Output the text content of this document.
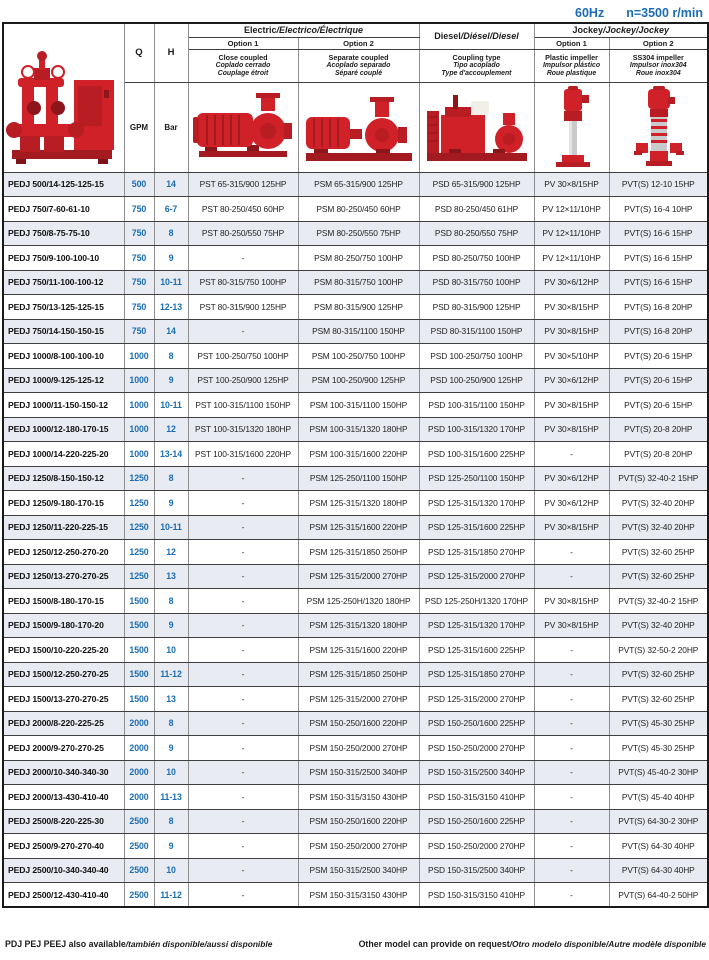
60Hz n=3500 r/min
	Q	H	Electric/Electrico/Électrique		Diesel/Diésel/Diesel	Jockey/Jockey/Jockey	
			Option 1	Option 2		Option 1	Option 2

			Close coupled
Coplado cerrado
Couplage étroit	Separate coupled
Acoplado separado
Séparé couplé	Coupling type
Tipo acoplado
Type d'accouplement	Plastic impeller
Impulsor plástico
Roue plastique	SS304 impeller
Impulsor inox304
Roue inox304

	GPM	Bar	

PEDJ 500/14-125-125-15	500	14	PST 65-315/900 125HP	PSM 65-315/900 125HP	PSD 65-315/900 125HP	PV 30×8/15HP	PVT(S) 12-10 15HP
PEDJ 750/7-60-61-10	750	6-7	PST 80-250/450 60HP	PSM 80-250/450 60HP	PSD 80-250/450 61HP	PV 12×11/10HP	PVT(S) 16-4 10HP
PEDJ 750/8-75-75-10	750	8	PST 80-250/550 75HP	PSM 80-250/550 75HP	PSD 80-250/550 75HP	PV 12×11/10HP	PVT(S) 16-6 15HP
PEDJ 750/9-100-100-10	750	9	-	PSM 80-250/750 100HP	PSD 80-250/750 100HP	PV 12×11/10HP	PVT(S) 16-6 15HP
PEDJ 750/11-100-100-12	750	10-11	PST 80-315/750 100HP	PSM 80-315/750 100HP	PSD 80-315/750 100HP	PV 30×6/12HP	PVT(S) 16-6 15HP
PEDJ 750/13-125-125-15	750	12-13	PST 80-315/900 125HP	PSM 80-315/900 125HP	PSD 80-315/900 125HP	PV 30×8/15HP	PVT(S) 16-8 20HP
PEDJ 750/14-150-150-15	750	14	-	PSM 80-315/1100 150HP	PSD 80-315/1100 150HP	PV 30×8/15HP	PVT(S) 16-8 20HP
PEDJ 1000/8-100-100-10	1000	8	PST 100-250/750 100HP	PSM 100-250/750 100HP	PSD 100-250/750 100HP	PV 30×5/10HP	PVT(S) 20-6 15HP
PEDJ 1000/9-125-125-12	1000	9	PST 100-250/900 125HP	PSM 100-250/900 125HP	PSD 100-250/900 125HP	PV 30×6/12HP	PVT(S) 20-6 15HP
PEDJ 1000/11-150-150-12	1000	10-11	PST 100-315/1100 150HP	PSM 100-315/1100 150HP	PSD 100-315/1100 150HP	PV 30×8/15HP	PVT(S) 20-6 15HP
PEDJ 1000/12-180-170-15	1000	12	PST 100-315/1320 180HP	PSM 100-315/1320 180HP	PSD 100-315/1320 170HP	PV 30×8/15HP	PVT(S) 20-8 20HP
PEDJ 1000/14-220-225-20	1000	13-14	PST 100-315/1600 220HP	PSM 100-315/1600 220HP	PSD 100-315/1600 225HP	-	PVT(S) 20-8 20HP
PEDJ 1250/8-150-150-12	1250	8	-	PSM 125-250/1100 150HP	PSD 125-250/1100 150HP	PV 30×6/12HP	PVT(S) 32-40-2 15HP
PEDJ 1250/9-180-170-15	1250	9	-	PSM 125-315/1320 180HP	PSD 125-315/1320 170HP	PV 30×6/12HP	PVT(S) 32-40 20HP
PEDJ 1250/11-220-225-15	1250	10-11	-	PSM 125-315/1600 220HP	PSD 125-315/1600 225HP	PV 30×8/15HP	PVT(S) 32-40 20HP
PEDJ 1250/12-250-270-20	1250	12	-	PSM 125-315/1850 250HP	PSD 125-315/1850 270HP	-	PVT(S) 32-60 25HP
PEDJ 1250/13-270-270-25	1250	13	-	PSM 125-315/2000 270HP	PSD 125-315/2000 270HP	-	PVT(S) 32-60 25HP
PEDJ 1500/8-180-170-15	1500	8	-	PSM 125-250H/1320 180HP	PSD 125-250H/1320 170HP	PV 30×8/15HP	PVT(S) 32-40-2 15HP
PEDJ 1500/9-180-170-20	1500	9	-	PSM 125-315/1320 180HP	PSD 125-315/1320 170HP	PV 30×8/15HP	PVT(S) 32-40 20HP
PEDJ 1500/10-220-225-20	1500	10	-	PSM 125-315/1600 220HP	PSD 125-315/1600 225HP	-	PVT(S) 32-50-2 20HP
PEDJ 1500/12-250-270-25	1500	11-12	-	PSM 125-315/1850 250HP	PSD 125-315/1850 270HP	-	PVT(S) 32-60 25HP
PEDJ 1500/13-270-270-25	1500	13	-	PSM 125-315/2000 270HP	PSD 125-315/2000 270HP	-	PVT(S) 32-60 25HP
PEDJ 2000/8-220-225-25	2000	8	-	PSM 150-250/1600 220HP	PSD 150-250/1600 225HP	-	PVT(S) 45-30 25HP
PEDJ 2000/9-270-270-25	2000	9	-	PSM 150-250/2000 270HP	PSD 150-250/2000 270HP	-	PVT(S) 45-30 25HP
PEDJ 2000/10-340-340-30	2000	10	-	PSM 150-315/2500 340HP	PSD 150-315/2500 340HP	-	PVT(S) 45-40-2 30HP
PEDJ 2000/13-430-410-40	2000	11-13	-	PSM 150-315/3150 430HP	PSD 150-315/3150 410HP	-	PVT(S) 45-40 40HP
PEDJ 2500/8-220-225-30	2500	8	-	PSM 150-250/1600 220HP	PSD 150-250/1600 225HP	-	PVT(S) 64-30-2 30HP
PEDJ 2500/9-270-270-40	2500	9	-	PSM 150-250/2000 270HP	PSD 150-250/2000 270HP	-	PVT(S) 64-30 40HP
PEDJ 2500/10-340-340-40	2500	10	-	PSM 150-315/2500 340HP	PSD 150-315/2500 340HP	-	PVT(S) 64-30 40HP
PEDJ 2500/12-430-410-40	2500	11-12	-	PSM 150-315/3150 430HP	PSD 150-315/3150 410HP	-	PVT(S) 64-40-2 50HP
PDJ PEJ PEEJ also available/también disponible/aussi disponible	Other model can provide on request/Otro modelo disponible/Autre modèle disponible
